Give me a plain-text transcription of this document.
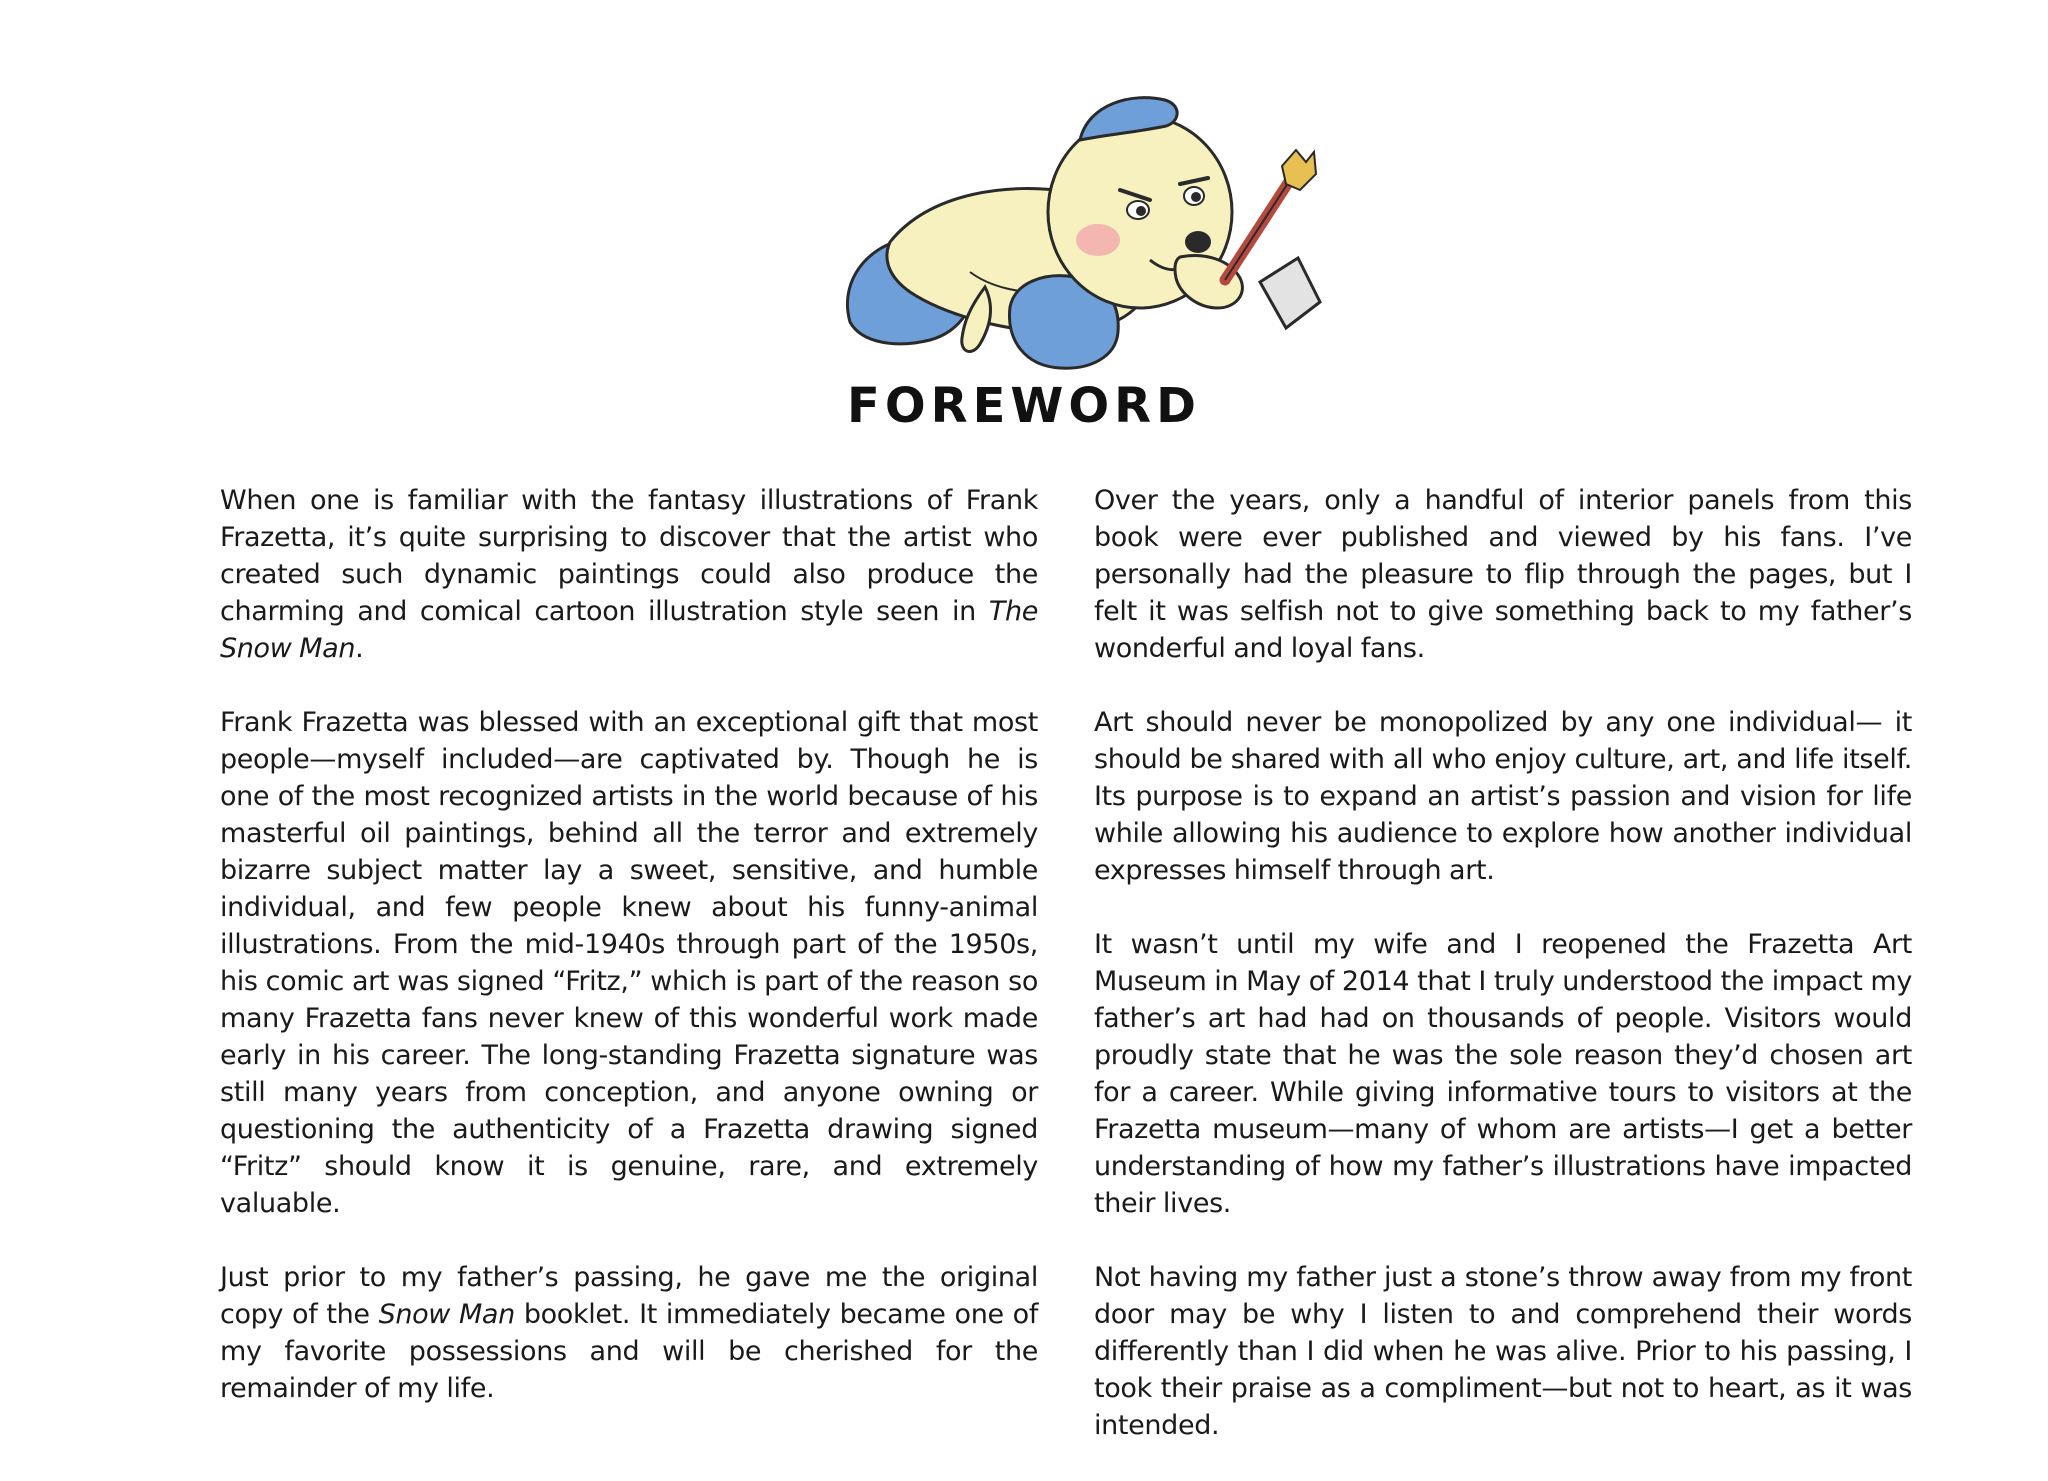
FOREWORD

When one is familiar with the fantasy illustrations of Frank Frazetta, it’s quite surprising to discover that the artist who created such dynamic paintings could also produce the charming and comical cartoon illustration style seen in The Snow Man.

Frank Frazetta was blessed with an exceptional gift that most people—myself included—are captivated by. Though he is one of the most recognized artists in the world because of his masterful oil paintings, behind all the terror and extremely bizarre subject matter lay a sweet, sensitive, and humble individual, and few people knew about his funny-animal illustrations. From the mid-1940s through part of the 1950s, his comic art was signed “Fritz,” which is part of the reason so many Frazetta fans never knew of this wonderful work made early in his career. The long-standing Frazetta signature was still many years from conception, and anyone owning or questioning the authenticity of a Frazetta drawing signed “Fritz” should know it is genuine, rare, and extremely valuable.

Just prior to my father’s passing, he gave me the original copy of the Snow Man booklet. It immediately became one of my favorite possessions and will be cherished for the remainder of my life.

Over the years, only a handful of interior panels from this book were ever published and viewed by his fans. I’ve personally had the pleasure to flip through the pages, but I felt it was selfish not to give something back to my father’s wonderful and loyal fans.

Art should never be monopolized by any one individual— it should be shared with all who enjoy culture, art, and life itself. Its purpose is to expand an artist’s passion and vision for life while allowing his audience to explore how another individual expresses himself through art.

It wasn’t until my wife and I reopened the Frazetta Art Museum in May of 2014 that I truly understood the impact my father’s art had had on thousands of people. Visitors would proudly state that he was the sole reason they’d chosen art for a career. While giving informative tours to visitors at the Frazetta museum—many of whom are artists—I get a better understanding of how my father’s illustrations have impacted their lives.

Not having my father just a stone’s throw away from my front door may be why I listen to and comprehend their words differently than I did when he was alive. Prior to his passing, I took their praise as a compliment—but not to heart, as it was intended.
